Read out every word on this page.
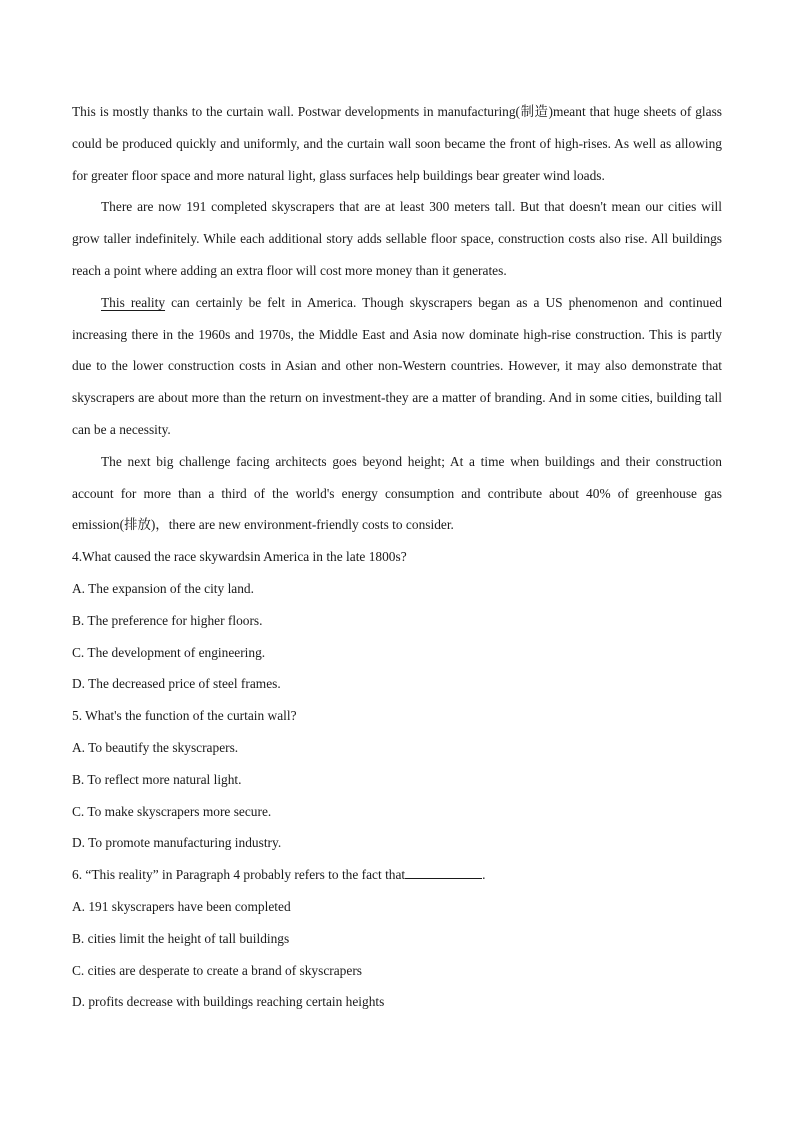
This is mostly thanks to the curtain wall. Postwar developments in manufacturing(制造)meant that huge sheets of glass could be produced quickly and uniformly, and the curtain wall soon became the front of high-rises. As well as allowing for greater floor space and more natural light, glass surfaces help buildings bear greater wind loads.

There are now 191 completed skyscrapers that are at least 300 meters tall. But that doesn't mean our cities will grow taller indefinitely. While each additional story adds sellable floor space, construction costs also rise. All buildings reach a point where adding an extra floor will cost more money than it generates.

This reality can certainly be felt in America. Though skyscrapers began as a US phenomenon and continued increasing there in the 1960s and 1970s, the Middle East and Asia now dominate high-rise construction. This is partly due to the lower construction costs in Asian and other non-Western countries. However, it may also demonstrate that skyscrapers are about more than the return on investment-they are a matter of branding. And in some cities, building tall can be a necessity.

The next big challenge facing architects goes beyond height; At a time when buildings and their construction account for more than a third of the world's energy consumption and contribute about 40% of greenhouse gas emission(排放)，there are new environment-friendly costs to consider.

4.What caused the race skywardsin America in the late 1800s?

A. The expansion of the city land.

B. The preference for higher floors.

C. The development of engineering.

D. The decreased price of steel frames.

5. What's the function of the curtain wall?

A. To beautify the skyscrapers.

B. To reflect more natural light.

C. To make skyscrapers more secure.

D. To promote manufacturing industry.

6. “This reality” in Paragraph 4 probably refers to the fact that	.

A. 191 skyscrapers have been completed

B. cities limit the height of tall buildings

C. cities are desperate to create a brand of skyscrapers

D. profits decrease with buildings reaching certain heights
